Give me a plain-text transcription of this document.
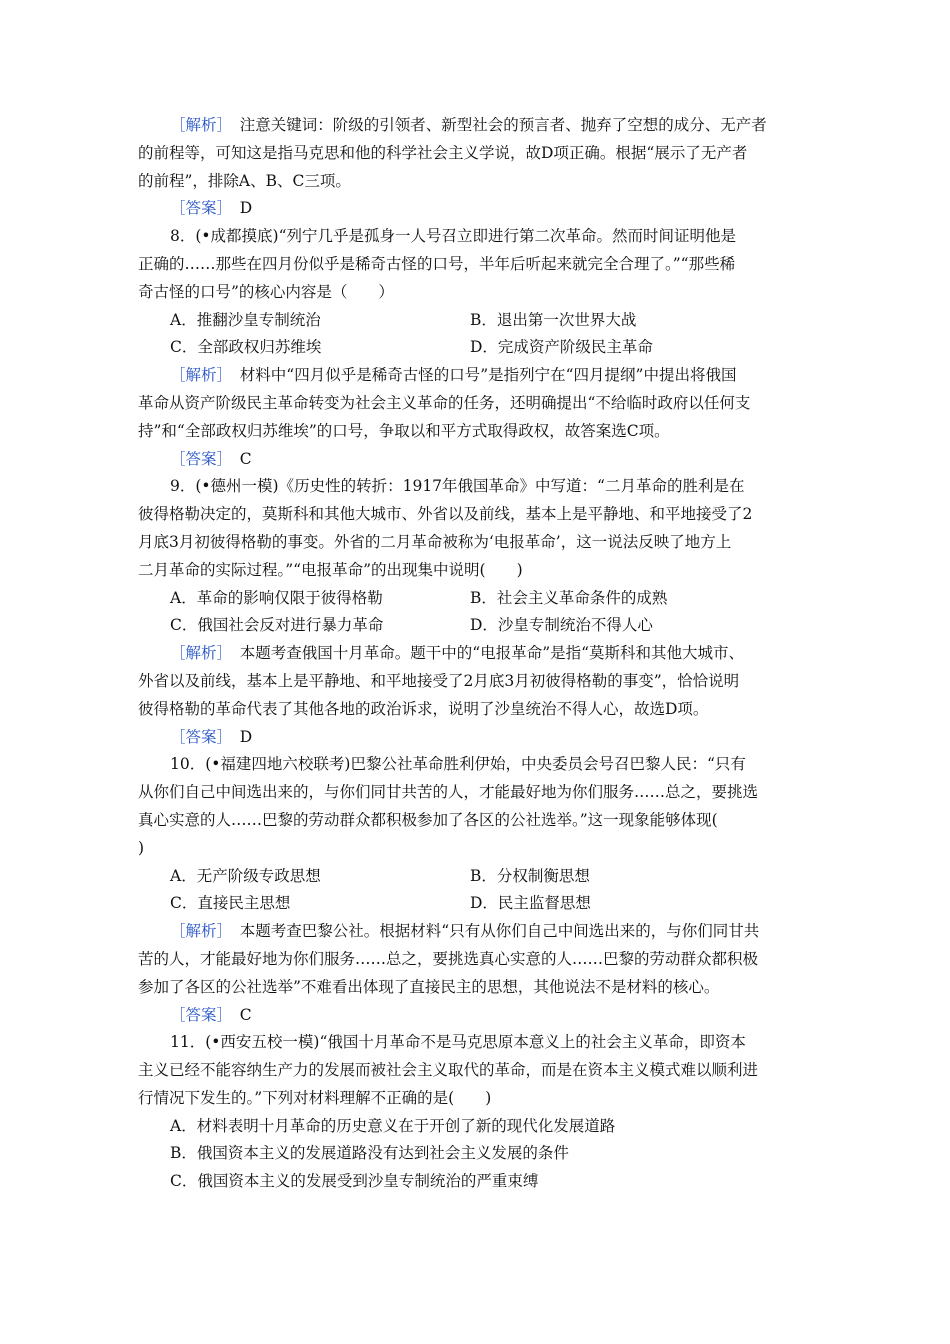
［解析］　 注意关键词：阶级的引领者、新型社会的预言者、抛弃了空想的成分、无产者
的前程等，可知这是指马克思和他的科学社会主义学说，故D项正确。根据“展示了无产者
的前程”，排除A、B、C三项。
［答案］　 D
8．(•成都摸底)“列宁几乎是孤身一人号召立即进行第二次革命。然而时间证明他是
正确的……那些在四月份似乎是稀奇古怪的口号，半年后听起来就完全合理了。”“那些稀
奇古怪的口号”的核心内容是（　　）
A．推翻沙皇专制统治	B．退出第一次世界大战
C．全部政权归苏维埃	D．完成资产阶级民主革命
［解析］　 材料中“四月似乎是稀奇古怪的口号”是指列宁在“四月提纲”中提出将俄国
革命从资产阶级民主革命转变为社会主义革命的任务，还明确提出“不给临时政府以任何支
持”和“全部政权归苏维埃”的口号，争取以和平方式取得政权，故答案选C项。
［答案］　 C
9．(•德州一模)《历史性的转折：1917年俄国革命》中写道：“二月革命的胜利是在
彼得格勒决定的，莫斯科和其他大城市、外省以及前线，基本上是平静地、和平地接受了2
月底3月初彼得格勒的事变。外省的二月革命被称为‘电报革命’，这一说法反映了地方上
二月革命的实际过程。”“电报革命”的出现集中说明(　　)
A．革命的影响仅限于彼得格勒	B．社会主义革命条件的成熟
C．俄国社会反对进行暴力革命	D．沙皇专制统治不得人心
［解析］　 本题考查俄国十月革命。题干中的“电报革命”是指“莫斯科和其他大城市、
外省以及前线，基本上是平静地、和平地接受了2月底3月初彼得格勒的事变”，恰恰说明
彼得格勒的革命代表了其他各地的政治诉求，说明了沙皇统治不得人心，故选D项。
［答案］　 D
10．(•福建四地六校联考)巴黎公社革命胜利伊始，中央委员会号召巴黎人民：“只有
从你们自己中间选出来的，与你们同甘共苦的人，才能最好地为你们服务……总之，要挑选
真心实意的人……巴黎的劳动群众都积极参加了各区的公社选举。”这一现象能够体现(
)
A．无产阶级专政思想	B．分权制衡思想
C．直接民主思想	D．民主监督思想
［解析］　 本题考查巴黎公社。根据材料“只有从你们自己中间选出来的，与你们同甘共
苦的人，才能最好地为你们服务……总之，要挑选真心实意的人……巴黎的劳动群众都积极
参加了各区的公社选举”不难看出体现了直接民主的思想，其他说法不是材料的核心。
［答案］　 C
11．(•西安五校一模)“俄国十月革命不是马克思原本意义上的社会主义革命，即资本
主义已经不能容纳生产力的发展而被社会主义取代的革命，而是在资本主义模式难以顺利进
行情况下发生的。”下列对材料理解不正确的是(　　)
A．材料表明十月革命的历史意义在于开创了新的现代化发展道路
B．俄国资本主义的发展道路没有达到社会主义发展的条件
C．俄国资本主义的发展受到沙皇专制统治的严重束缚
